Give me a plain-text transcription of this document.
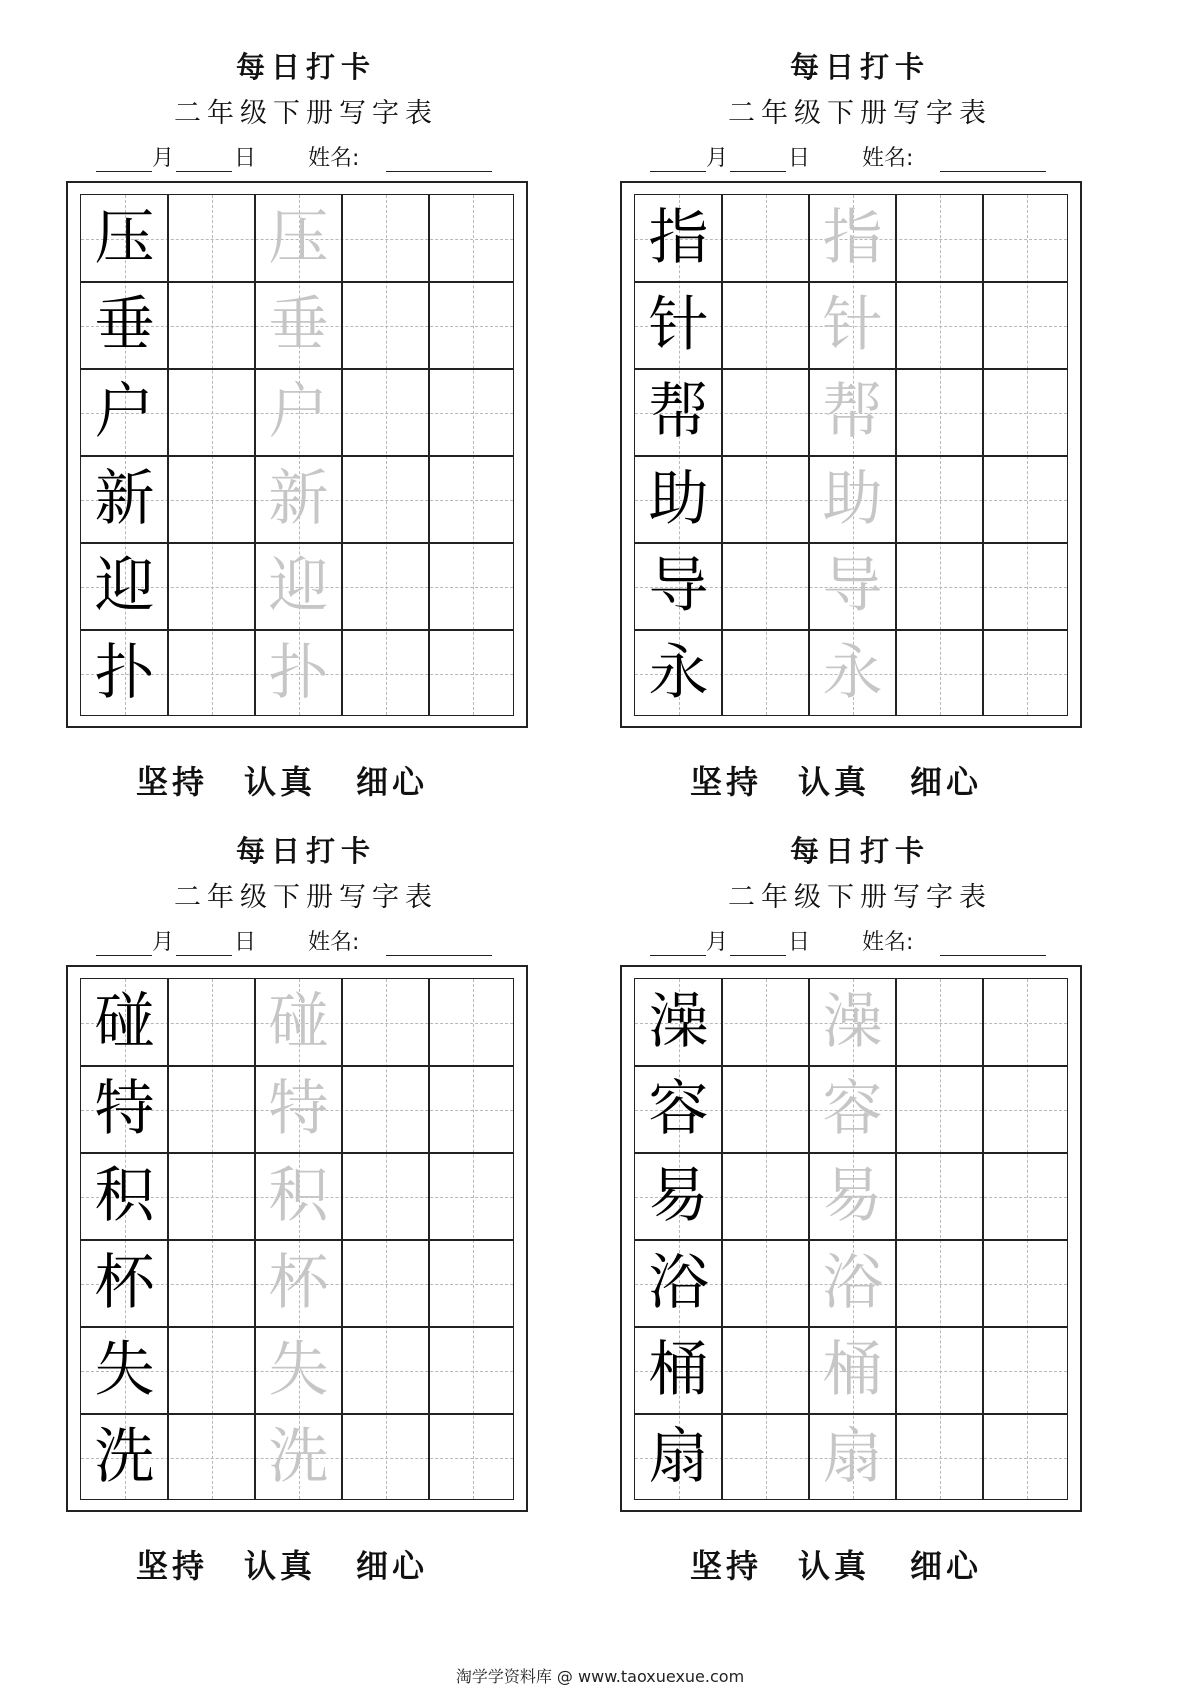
每日打卡
二年级下册写字表
月	日 姓名:
压 压
垂 垂
户 户
新 新
迎 迎
扑 扑
坚持 认真 细心
每日打卡
二年级下册写字表
月	日 姓名:
指 指
针 针
帮 帮
助 助
导 导
永 永
坚持 认真 细心
每日打卡
二年级下册写字表
月	日 姓名:
碰 碰
特 特
积 积
杯 杯
失 失
洗 洗
坚持 认真 细心
每日打卡
二年级下册写字表
月	日 姓名:
澡 澡
容 容
易 易
浴 浴
桶 桶
扇 扇
坚持 认真 细心
淘学学资料库 @ www.taoxuexue.com
